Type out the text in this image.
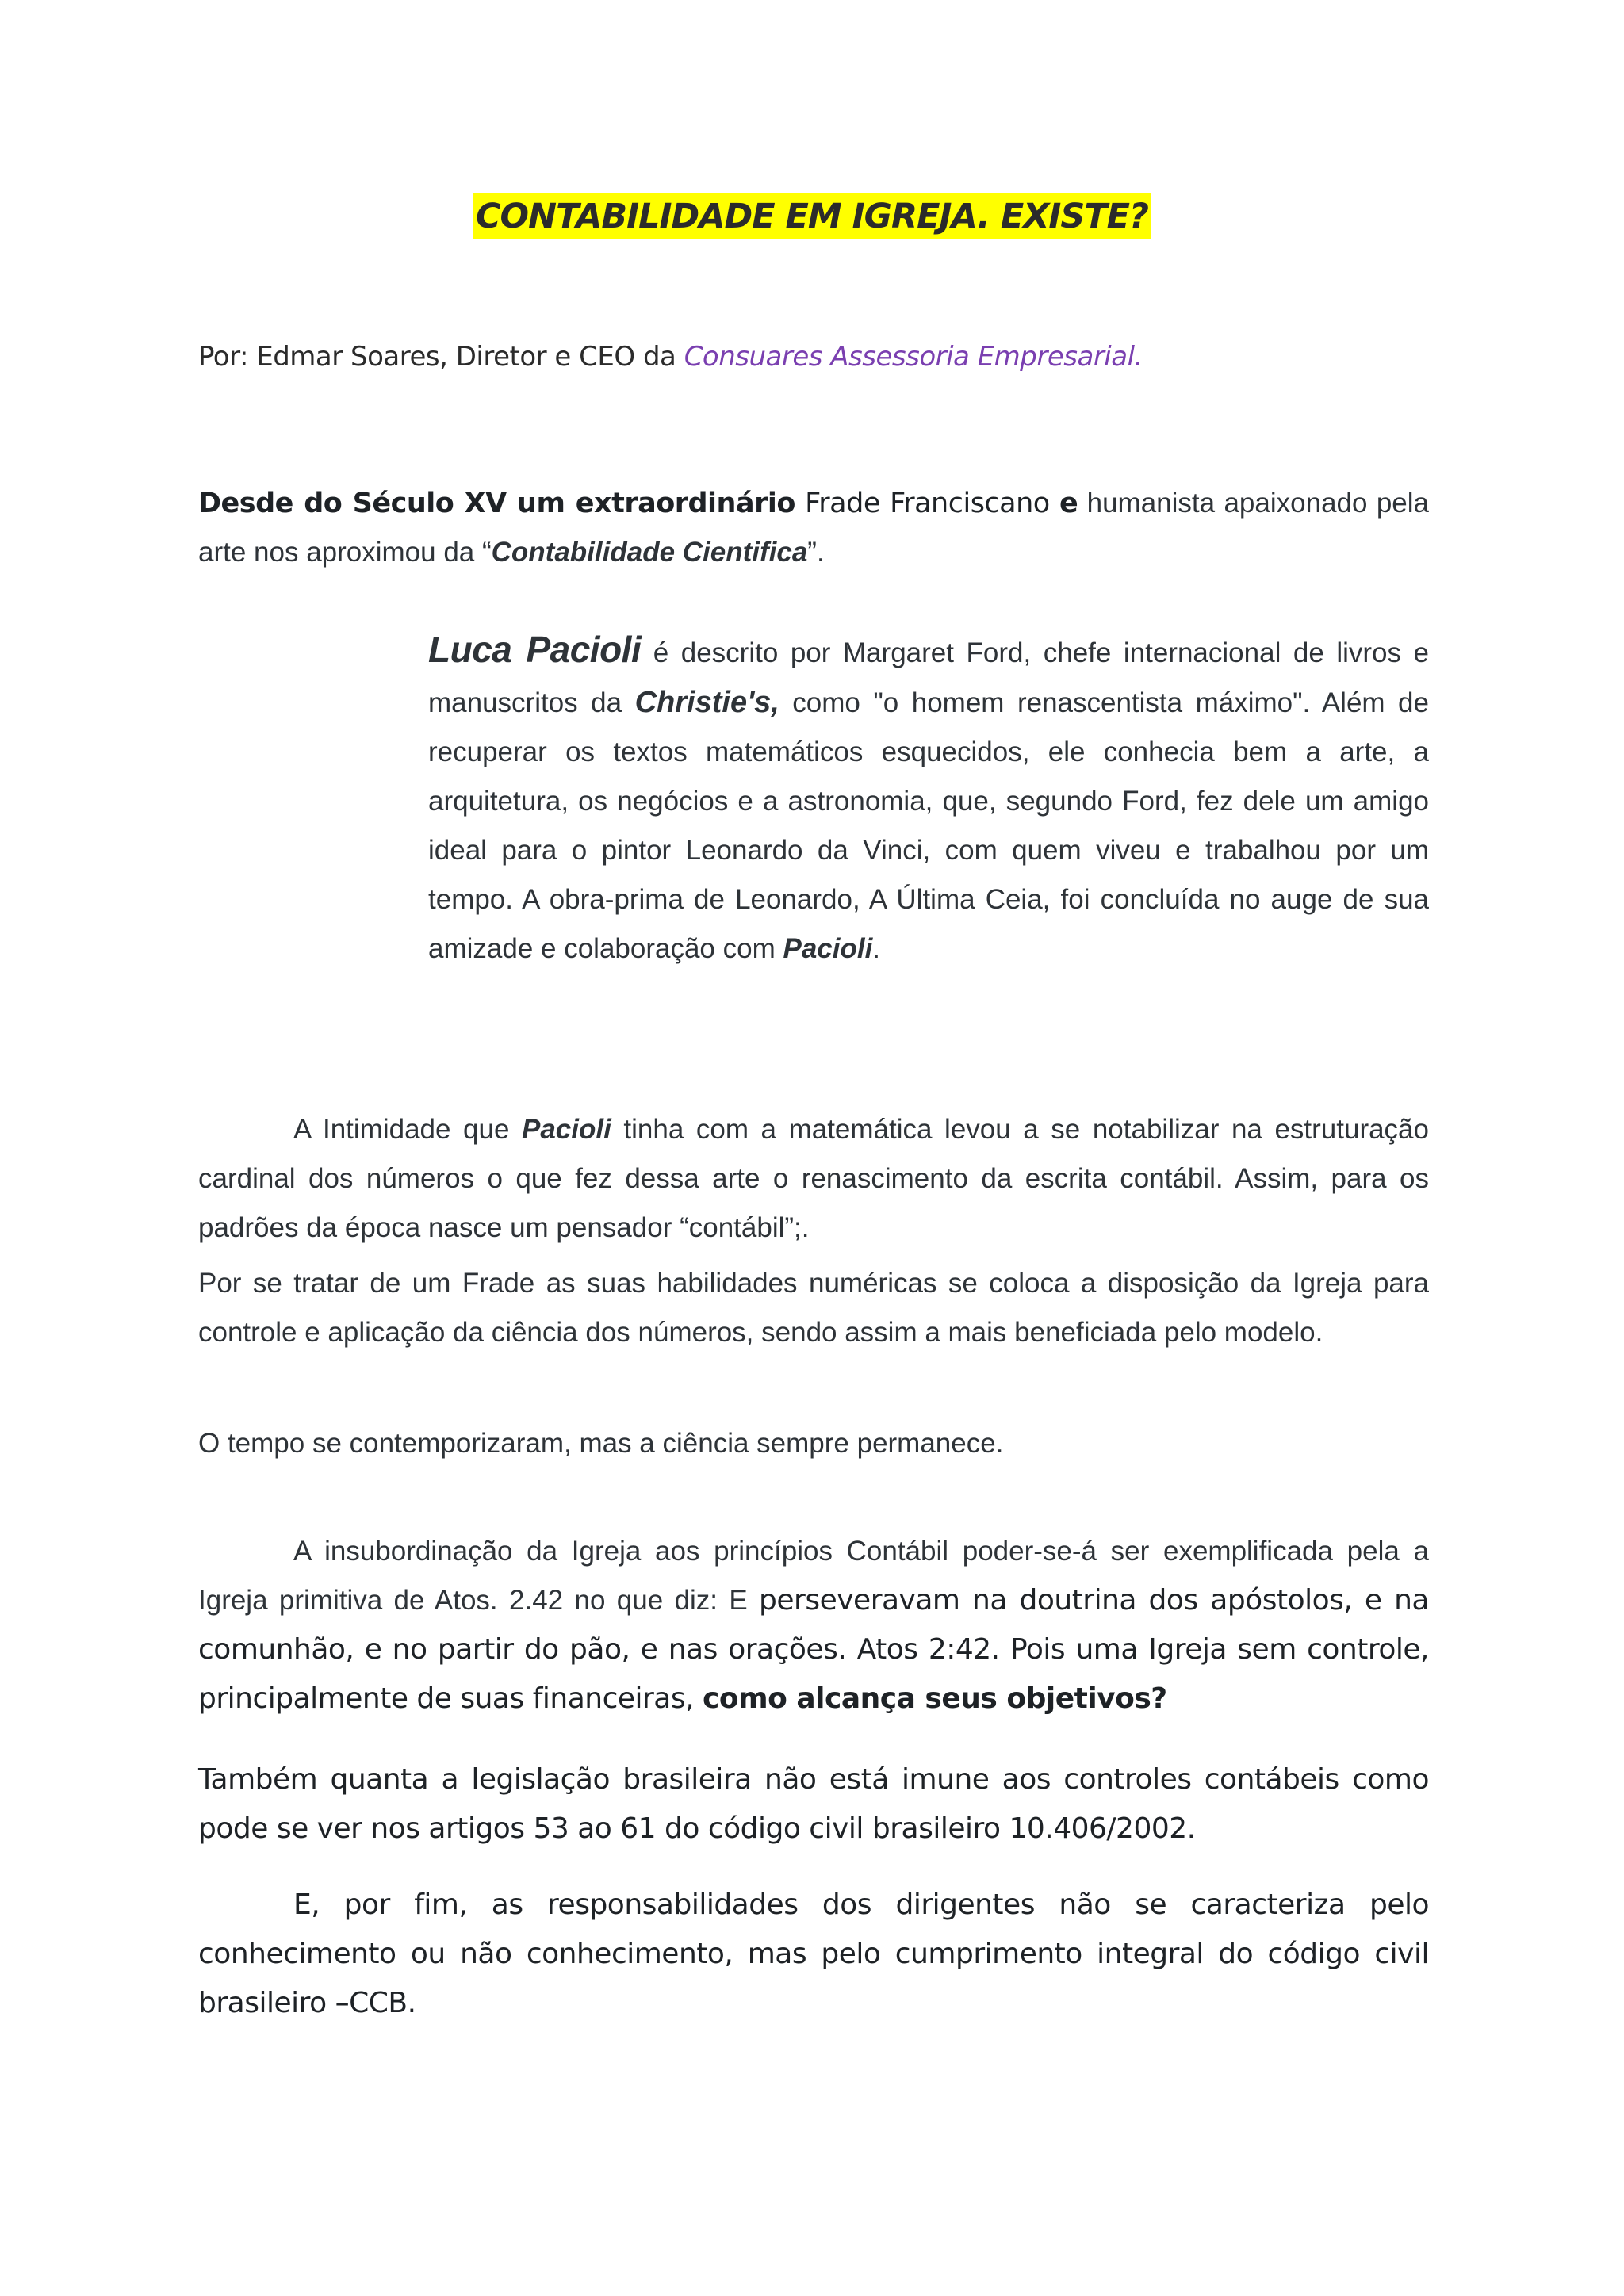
CONTABILIDADE EM IGREJA. EXISTE?

Por: Edmar Soares, Diretor e CEO da Consuares Assessoria Empresarial.

Desde do Século XV um extraordinário Frade Franciscano e humanista apaixonado pela arte nos aproximou da “Contabilidade Cientifica”.

Luca Pacioli é descrito por Margaret Ford, chefe internacional de livros e manuscritos da Christie's, como "o homem renascentista máximo". Além de recuperar os textos matemáticos esquecidos, ele conhecia bem a arte, a arquitetura, os negócios e a astronomia, que, segundo Ford, fez dele um amigo ideal para o pintor Leonardo da Vinci, com quem viveu e trabalhou por um tempo. A obra-prima de Leonardo, A Última Ceia, foi concluída no auge de sua amizade e colaboração com Pacioli.

A Intimidade que Pacioli tinha com a matemática levou a se notabilizar na estruturação cardinal dos números o que fez dessa arte o renascimento da escrita contábil. Assim, para os padrões da época nasce um pensador “contábil”;.

Por se tratar de um Frade as suas habilidades numéricas se coloca a disposição da Igreja para controle e aplicação da ciência dos números, sendo assim a mais beneficiada pelo modelo.

O tempo se contemporizaram, mas a ciência sempre permanece.

A insubordinação da Igreja aos princípios Contábil poder-se-á ser exemplificada pela a Igreja primitiva de Atos. 2.42 no que diz: E perseveravam na doutrina dos apóstolos, e na comunhão, e no partir do pão, e nas orações. Atos 2:42. Pois uma Igreja sem controle, principalmente de suas financeiras, como alcança seus objetivos?

Também quanta a legislação brasileira não está imune aos controles contábeis como pode se ver nos artigos 53 ao 61 do código civil brasileiro 10.406/2002.

E, por fim, as responsabilidades dos dirigentes não se caracteriza pelo conhecimento ou não conhecimento, mas pelo cumprimento integral do código civil brasileiro –CCB.
